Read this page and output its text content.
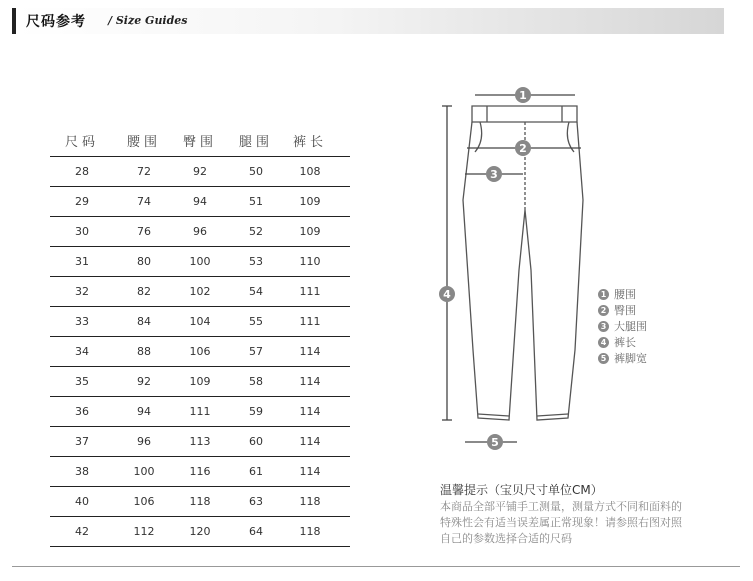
尺码参考 / Size Guides
尺码	腰围	臀围	腿围	裤长
28	72	92	50	108
29	74	94	51	109
30	76	96	52	109
31	80	100	53	110
32	82	102	54	111
33	84	104	55	111
34	88	106	57	114
35	92	109	58	114
36	94	111	59	114
37	96	113	60	114
38	100	116	61	114
40	106	118	63	118
42	112	120	64	118
1
2
3
4
5
1 腰围
2 臀围
3 大腿围
4 裤长
5 裤脚宽
温馨提示（宝贝尺寸单位CM）
本商品全部平铺手工测量，测量方式不同和面料的特殊性会有适当误差属正常现象！请参照右图对照自己的参数选择合适的尺码
